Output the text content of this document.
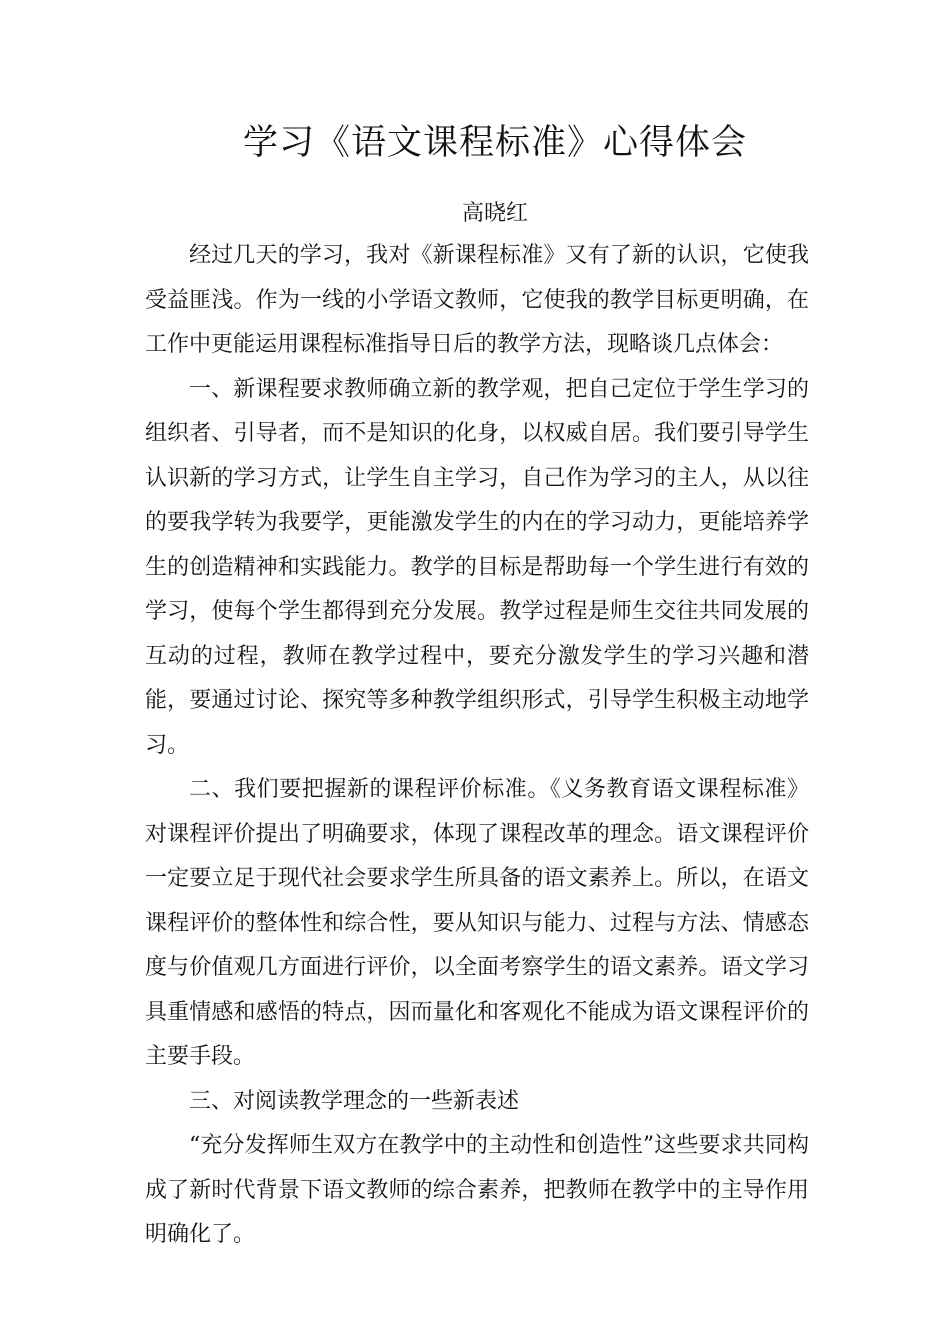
学习《语文课程标准》心得体会
高晓红

经过几天的学习，我对《新课程标准》又有了新的认识，它使我受益匪浅。作为一线的小学语文教师，它使我的教学目标更明确，在工作中更能运用课程标准指导日后的教学方法，现略谈几点体会：

一、新课程要求教师确立新的教学观，把自己定位于学生学习的组织者、引导者，而不是知识的化身，以权威自居。我们要引导学生认识新的学习方式，让学生自主学习，自己作为学习的主人，从以往的要我学转为我要学，更能激发学生的内在的学习动力，更能培养学生的创造精神和实践能力。教学的目标是帮助每一个学生进行有效的学习，使每个学生都得到充分发展。教学过程是师生交往共同发展的互动的过程，教师在教学过程中，要充分激发学生的学习兴趣和潜能，要通过讨论、探究等多种教学组织形式，引导学生积极主动地学习。

二、我们要把握新的课程评价标准。《义务教育语文课程标准》对课程评价提出了明确要求，体现了课程改革的理念。语文课程评价一定要立足于现代社会要求学生所具备的语文素养上。所以，在语文课程评价的整体性和综合性，要从知识与能力、过程与方法、情感态度与价值观几方面进行评价，以全面考察学生的语文素养。语文学习具重情感和感悟的特点，因而量化和客观化不能成为语文课程评价的主要手段。

三、对阅读教学理念的一些新表述

“充分发挥师生双方在教学中的主动性和创造性”这些要求共同构成了新时代背景下语文教师的综合素养，把教师在教学中的主导作用明确化了。
